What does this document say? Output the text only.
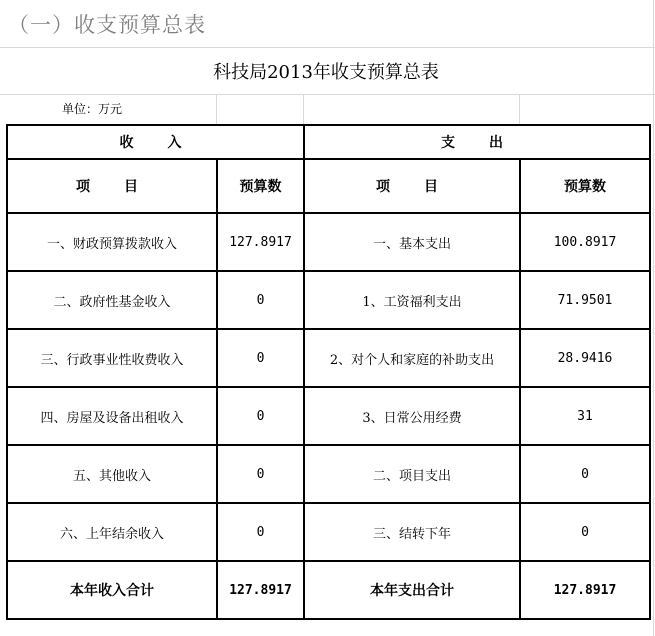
（一）收支预算总表
科技局2013年收支预算总表
单位：万元
收　入		支　出	
项　目	预算数	项　目	预算数
一、财政预算拨款收入	127.8917	一、基本支出	100.8917
二、政府性基金收入	0	1、工资福利支出	71.9501
三、行政事业性收费收入	0	2、对个人和家庭的补助支出	28.9416
四、房屋及设备出租收入	0	3、日常公用经费	31
五、其他收入	0	二、项目支出	0
六、上年结余收入	0	三、结转下年	0
本年收入合计	127.8917	本年支出合计	127.8917
